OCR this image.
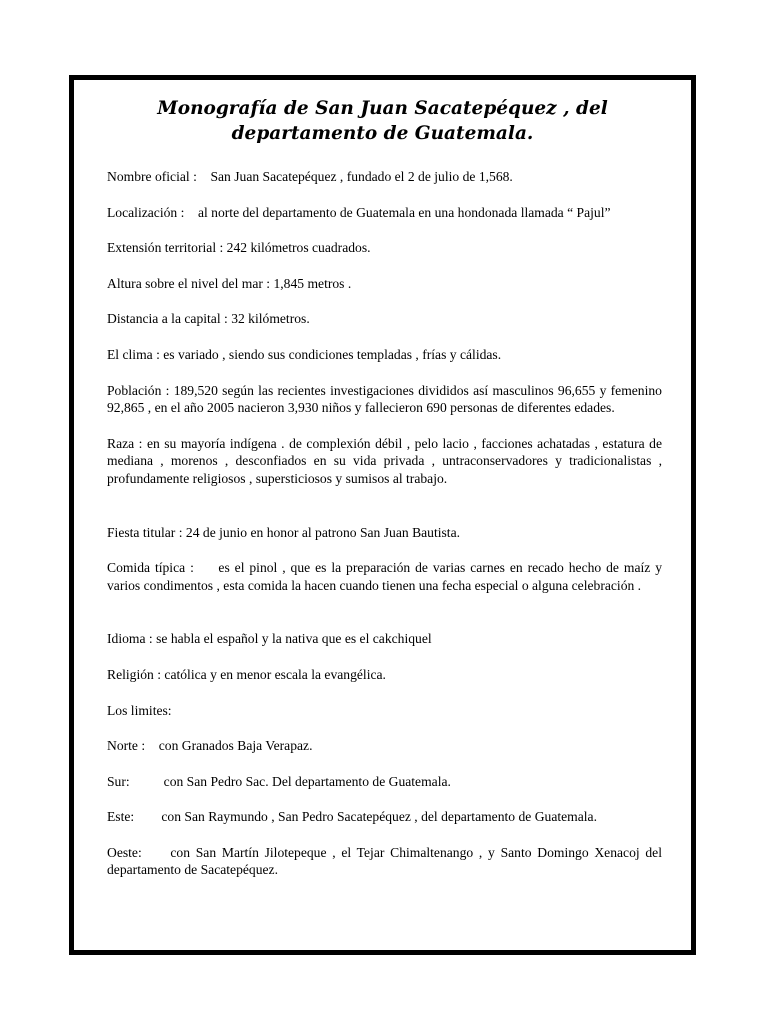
Monografía de San Juan Sacatepéquez , del
departamento de Guatemala.

Nombre oficial :    San Juan Sacatepéquez , fundado el 2 de julio de 1,568.

Localización :    al norte del departamento de Guatemala en una hondonada llamada “ Pajul”

Extensión territorial : 242 kilómetros cuadrados.

Altura sobre el nivel del mar : 1,845 metros .

Distancia a la capital : 32 kilómetros.

El clima : es variado , siendo sus condiciones templadas , frías y cálidas.

Población : 189,520 según las recientes investigaciones divididos así masculinos 96,655 y femenino 92,865 , en el año 2005 nacieron 3,930 niños y fallecieron 690 personas de diferentes edades.

Raza : en su mayoría indígena . de complexión débil , pelo lacio , facciones achatadas , estatura de mediana , morenos , desconfiados en su vida privada , untraconservadores y tradicionalistas , profundamente religiosos , supersticiosos y sumisos al trabajo.

Fiesta titular : 24 de junio en honor al patrono San Juan Bautista.

Comida típica :     es el pinol , que es la preparación de varias carnes en recado hecho de maíz y varios condimentos , esta comida la hacen cuando tienen una fecha especial o alguna celebración .

Idioma : se habla el español y la nativa que es el cakchiquel

Religión : católica y en menor escala la evangélica.

Los limites:

Norte :    con Granados Baja Verapaz.

Sur:          con San Pedro Sac. Del departamento de Guatemala.

Este:        con San Raymundo , San Pedro Sacatepéquez , del departamento de Guatemala.

Oeste:     con San Martín Jilotepeque , el Tejar Chimaltenango , y Santo Domingo Xenacoj del departamento de Sacatepéquez.
